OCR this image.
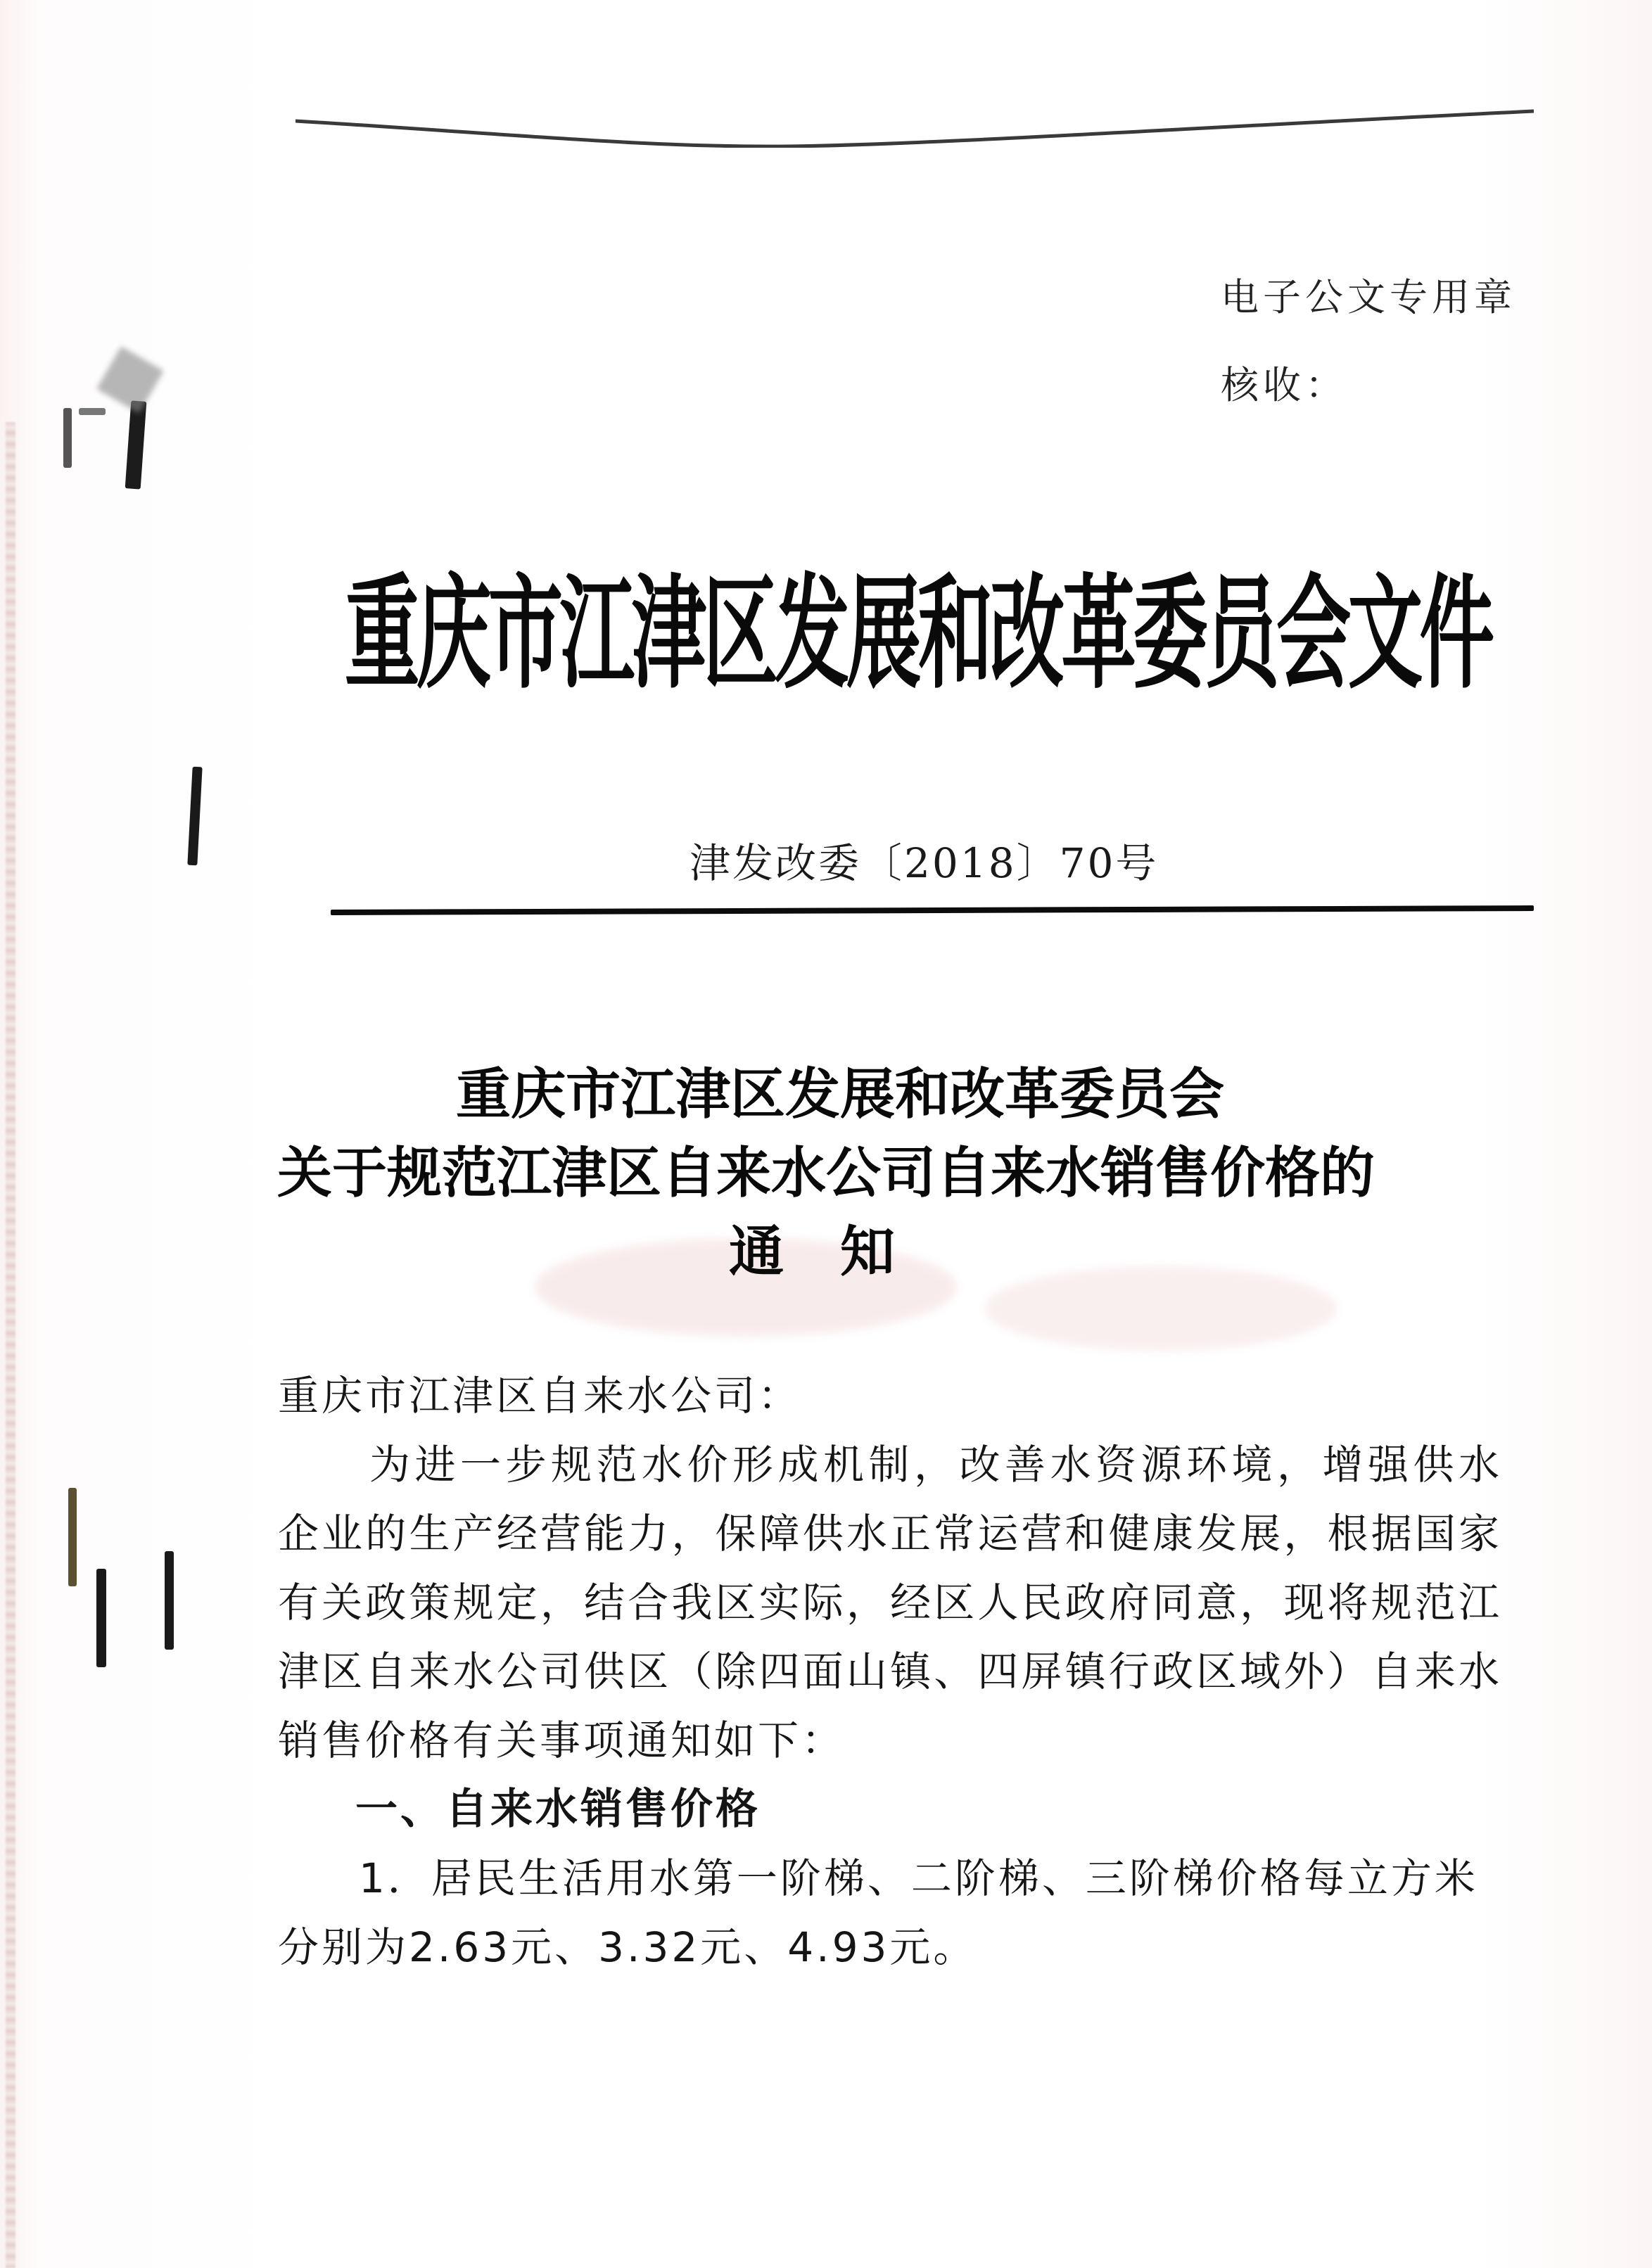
电子公文专用章
核收：
重庆市江津区发展和改革委员会文件
津发改委〔2018〕70号
重庆市江津区发展和改革委员会
关于规范江津区自来水公司自来水销售价格的
通知

重庆市江津区自来水公司：

为进一步规范水价形成机制，改善水资源环境，增强供水企业的生产经营能力，保障供水正常运营和健康发展，根据国家有关政策规定，结合我区实际，经区人民政府同意，现将规范江津区自来水公司供区（除四面山镇、四屏镇行政区域外）自来水销售价格有关事项通知如下：

一、自来水销售价格

1．居民生活用水第一阶梯、二阶梯、三阶梯价格每立方米分别为2.63元、3.32元、4.93元。
